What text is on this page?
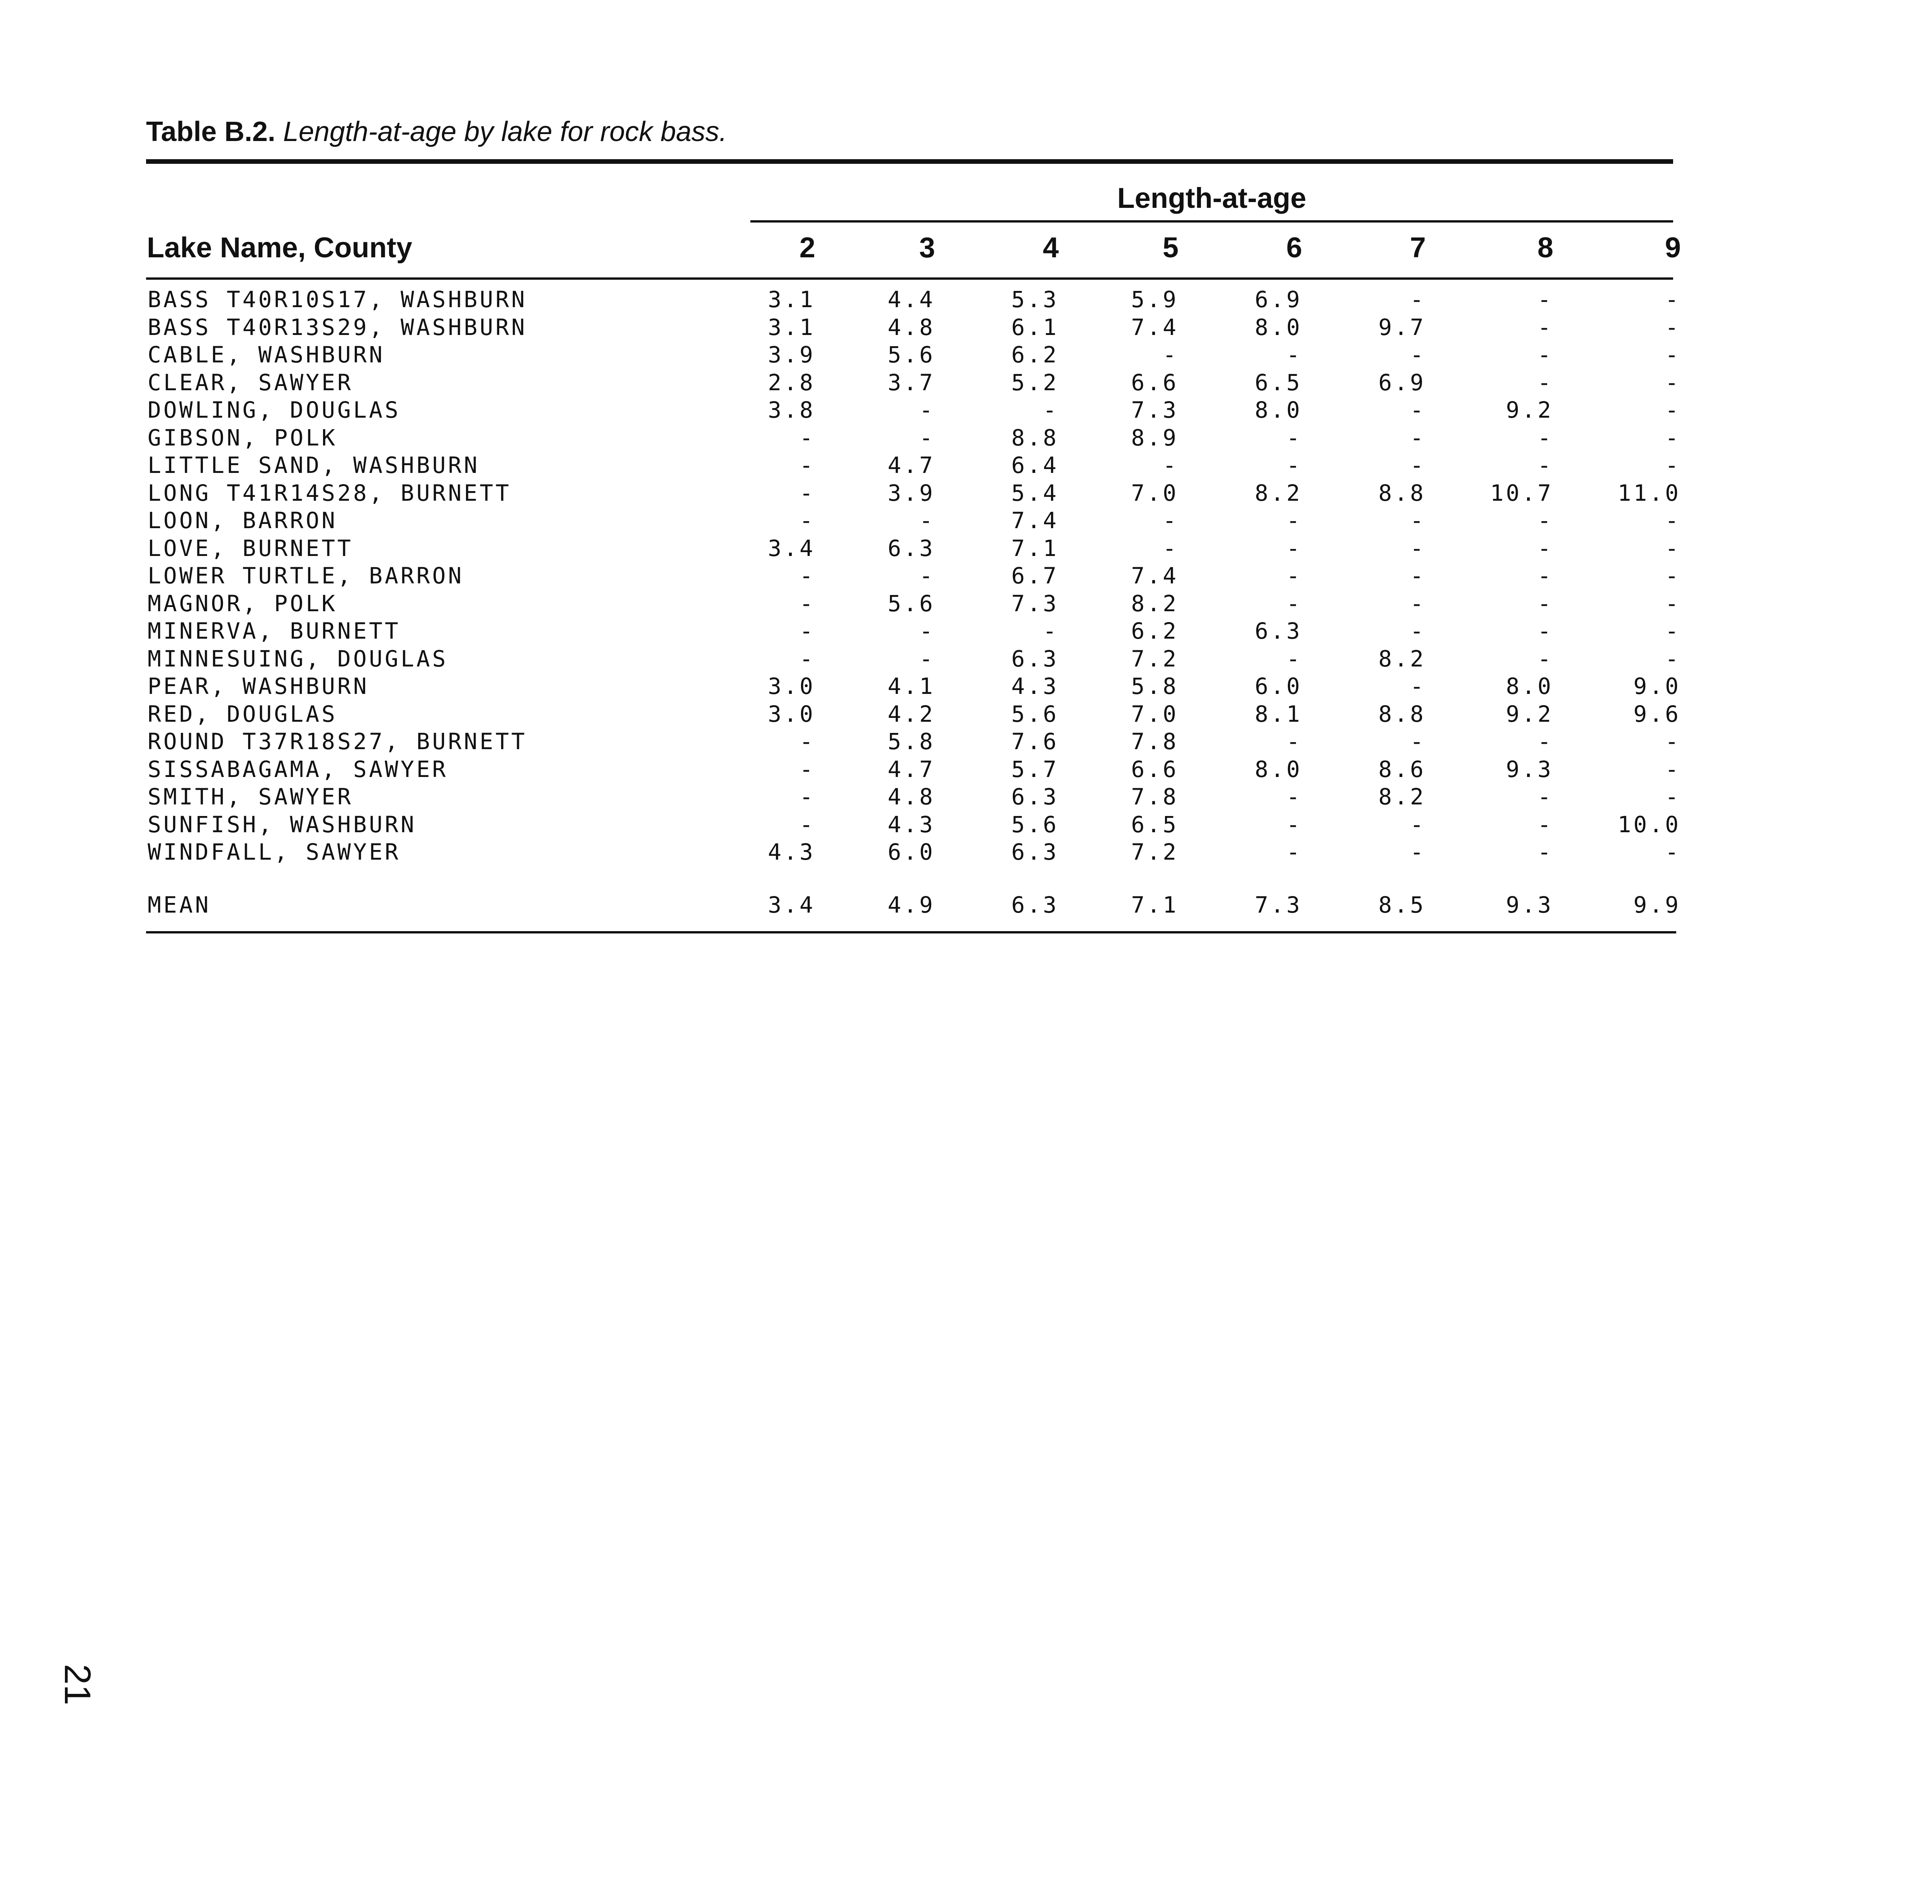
Table B.2. Length-at-age by lake for rock bass.
Length-at-age
Lake Name, County	2	3	4	5	6	7	8	9
BASS T40R10S17, WASHBURN	3.1	4.4	5.3	5.9	6.9	-	-	-
BASS T40R13S29, WASHBURN	3.1	4.8	6.1	7.4	8.0	9.7	-	-
CABLE, WASHBURN	3.9	5.6	6.2	-	-	-	-	-
CLEAR, SAWYER	2.8	3.7	5.2	6.6	6.5	6.9	-	-
DOWLING, DOUGLAS	3.8	-	-	7.3	8.0	-	9.2	-
GIBSON, POLK	-	-	8.8	8.9	-	-	-	-
LITTLE SAND, WASHBURN	-	4.7	6.4	-	-	-	-	-
LONG T41R14S28, BURNETT	-	3.9	5.4	7.0	8.2	8.8	10.7	11.0
LOON, BARRON	-	-	7.4	-	-	-	-	-
LOVE, BURNETT	3.4	6.3	7.1	-	-	-	-	-
LOWER TURTLE, BARRON	-	-	6.7	7.4	-	-	-	-
MAGNOR, POLK	-	5.6	7.3	8.2	-	-	-	-
MINERVA, BURNETT	-	-	-	6.2	6.3	-	-	-
MINNESUING, DOUGLAS	-	-	6.3	7.2	-	8.2	-	-
PEAR, WASHBURN	3.0	4.1	4.3	5.8	6.0	-	8.0	9.0
RED, DOUGLAS	3.0	4.2	5.6	7.0	8.1	8.8	9.2	9.6
ROUND T37R18S27, BURNETT	-	5.8	7.6	7.8	-	-	-	-
SISSABAGAMA, SAWYER	-	4.7	5.7	6.6	8.0	8.6	9.3	-
SMITH, SAWYER	-	4.8	6.3	7.8	-	8.2	-	-
SUNFISH, WASHBURN	-	4.3	5.6	6.5	-	-	-	10.0
WINDFALL, SAWYER	4.3	6.0	6.3	7.2	-	-	-	-
MEAN	3.4	4.9	6.3	7.1	7.3	8.5	9.3	9.9
21
